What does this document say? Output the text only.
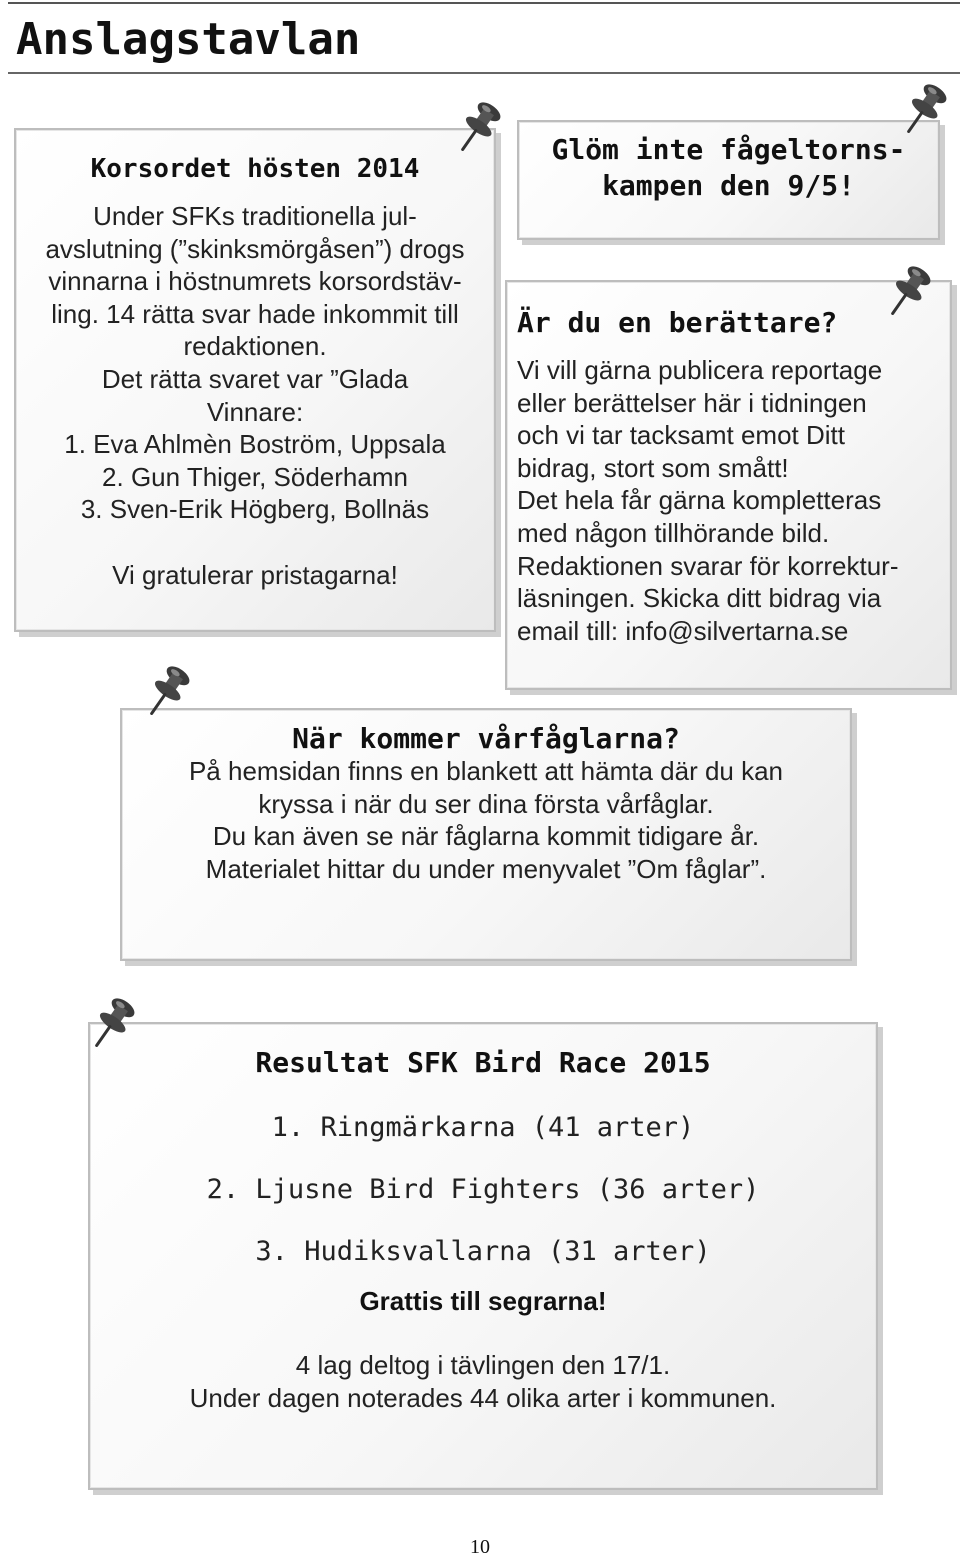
Anslagstavlan
Korsordet hösten 2014
Under SFKs traditionella jul-
avslutning (”skinksmörgåsen”) drogs
vinnarna i höstnumrets korsordstäv-
ling. 14 rätta svar hade inkommit till
redaktionen.
Det rätta svaret var ”Glada
Vinnare:
1. Eva Ahlmèn Boström, Uppsala
2. Gun Thiger, Söderhamn
3. Sven-Erik Högberg, Bollnäs

Vi gratulerar pristagarna!
Glöm inte fågeltorns-
kampen den 9/5!
Är du en berättare?
Vi vill gärna publicera reportage
eller berättelser här i tidningen
och vi tar tacksamt emot Ditt
bidrag, stort som smått!
Det hela får gärna kompletteras
med någon tillhörande bild.
Redaktionen svarar för korrektur-
läsningen. Skicka ditt bidrag via
email till: info@silvertarna.se
När kommer vårfåglarna?
På hemsidan finns en blankett att hämta där du kan
kryssa i när du ser dina första vårfåglar.
Du kan även se när fåglarna kommit tidigare år.
Materialet hittar du under menyvalet ”Om fåglar”.
Resultat SFK Bird Race 2015
1. Ringmärkarna (41 arter)
2. Ljusne Bird Fighters (36 arter)
3. Hudiksvallarna (31 arter)
Grattis till segrarna!
4 lag deltog i tävlingen den 17/1.
Under dagen noterades 44 olika arter i kommunen.
10
